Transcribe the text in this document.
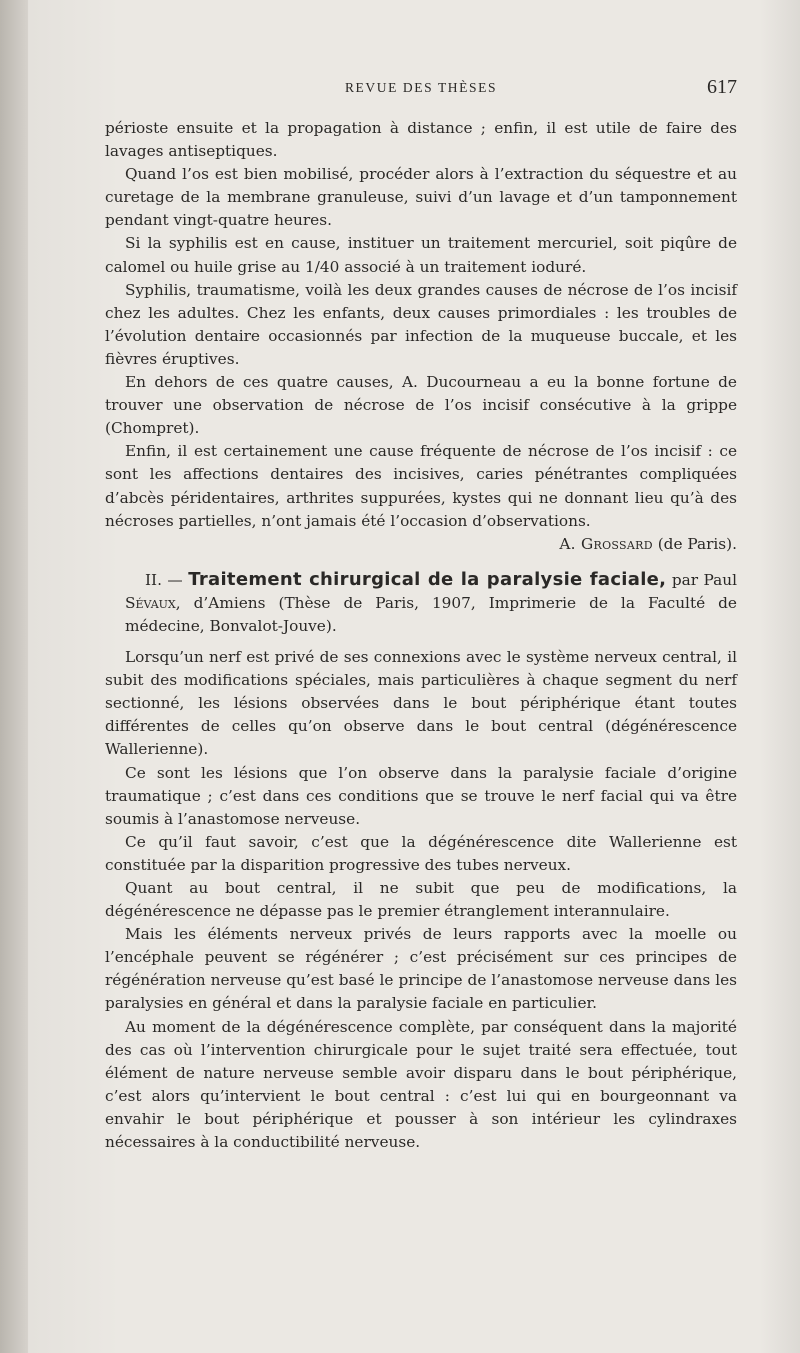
REVUE DES THÈSES	617

périoste ensuite et la propagation à distance ; enfin, il est utile de faire des lavages antiseptiques.

Quand l’os est bien mobilisé, procéder alors à l’extraction du séquestre et au curetage de la membrane granuleuse, suivi d’un lavage et d’un tamponnement pendant vingt-quatre heures.

Si la syphilis est en cause, instituer un traitement mercuriel, soit piqûre de calomel ou huile grise au 1/40 associé à un traitement ioduré.

Syphilis, traumatisme, voilà les deux grandes causes de nécrose de l’os incisif chez les adultes. Chez les enfants, deux causes primordiales : les troubles de l’évolution dentaire occasionnés par infection de la muqueuse buccale, et les fièvres éruptives.

En dehors de ces quatre causes, A. Ducourneau a eu la bonne fortune de trouver une observation de nécrose de l’os incisif consécutive à la grippe (Chompret).

Enfin, il est certainement une cause fréquente de nécrose de l’os incisif : ce sont les affections dentaires des incisives, caries pénétrantes compliquées d’abcès péridentaires, arthrites suppurées, kystes qui ne donnant lieu qu’à des nécroses partielles, n’ont jamais été l’occasion d’observations.

A. Grossard (de Paris).

II. — Traitement chirurgical de la paralysie faciale, par Paul Sévaux, d’Amiens (Thèse de Paris, 1907, Imprimerie de la Faculté de médecine, Bonvalot-Jouve).

Lorsqu’un nerf est privé de ses connexions avec le système nerveux central, il subit des modifications spéciales, mais particulières à chaque segment du nerf sectionné, les lésions observées dans le bout périphérique étant toutes différentes de celles qu’on observe dans le bout central (dégénérescence Wallerienne).

Ce sont les lésions que l’on observe dans la paralysie faciale d’origine traumatique ; c’est dans ces conditions que se trouve le nerf facial qui va être soumis à l’anastomose nerveuse.

Ce qu’il faut savoir, c’est que la dégénérescence dite Wallerienne est constituée par la disparition progressive des tubes nerveux.

Quant au bout central, il ne subit que peu de modifications, la dégénérescence ne dépasse pas le premier étranglement interannulaire.

Mais les éléments nerveux privés de leurs rapports avec la moelle ou l’encéphale peuvent se régénérer ; c’est précisément sur ces principes de régénération nerveuse qu’est basé le principe de l’anastomose nerveuse dans les paralysies en général et dans la paralysie faciale en particulier.

Au moment de la dégénérescence complète, par conséquent dans la majorité des cas où l’intervention chirurgicale pour le sujet traité sera effectuée, tout élément de nature nerveuse semble avoir disparu dans le bout périphérique, c’est alors qu’intervient le bout central : c’est lui qui en bourgeonnant va envahir le bout périphérique et pousser à son intérieur les cylindraxes nécessaires à la conductibilité nerveuse.
